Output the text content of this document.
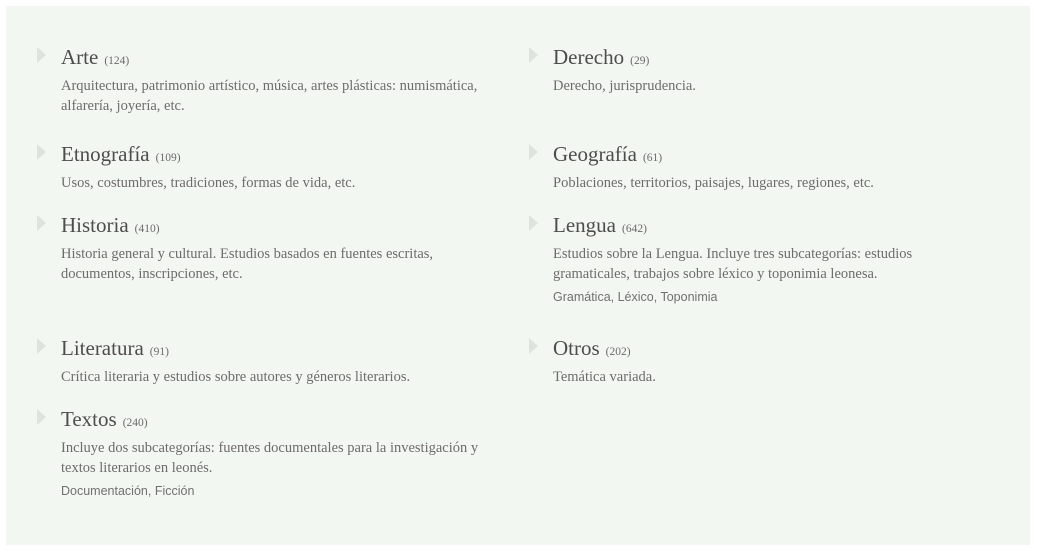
Arte (124)
Arquitectura, patrimonio artístico, música, artes plásticas: numismática, alfarería, joyería, etc.
Etnografía (109)
Usos, costumbres, tradiciones, formas de vida, etc.
Historia (410)
Historia general y cultural. Estudios basados en fuentes escritas, documentos, inscripciones, etc.
Literatura (91)
Crítica literaria y estudios sobre autores y géneros literarios.
Textos (240)
Incluye dos subcategorías: fuentes documentales para la investigación y textos literarios en leonés.
Documentación, Ficción
Derecho (29)
Derecho, jurisprudencia.
Geografía (61)
Poblaciones, territorios, paisajes, lugares, regiones, etc.
Lengua (642)
Estudios sobre la Lengua. Incluye tres subcategorías: estudios gramaticales, trabajos sobre léxico y toponimia leonesa.
Gramática, Léxico, Toponimia
Otros (202)
Temática variada.
